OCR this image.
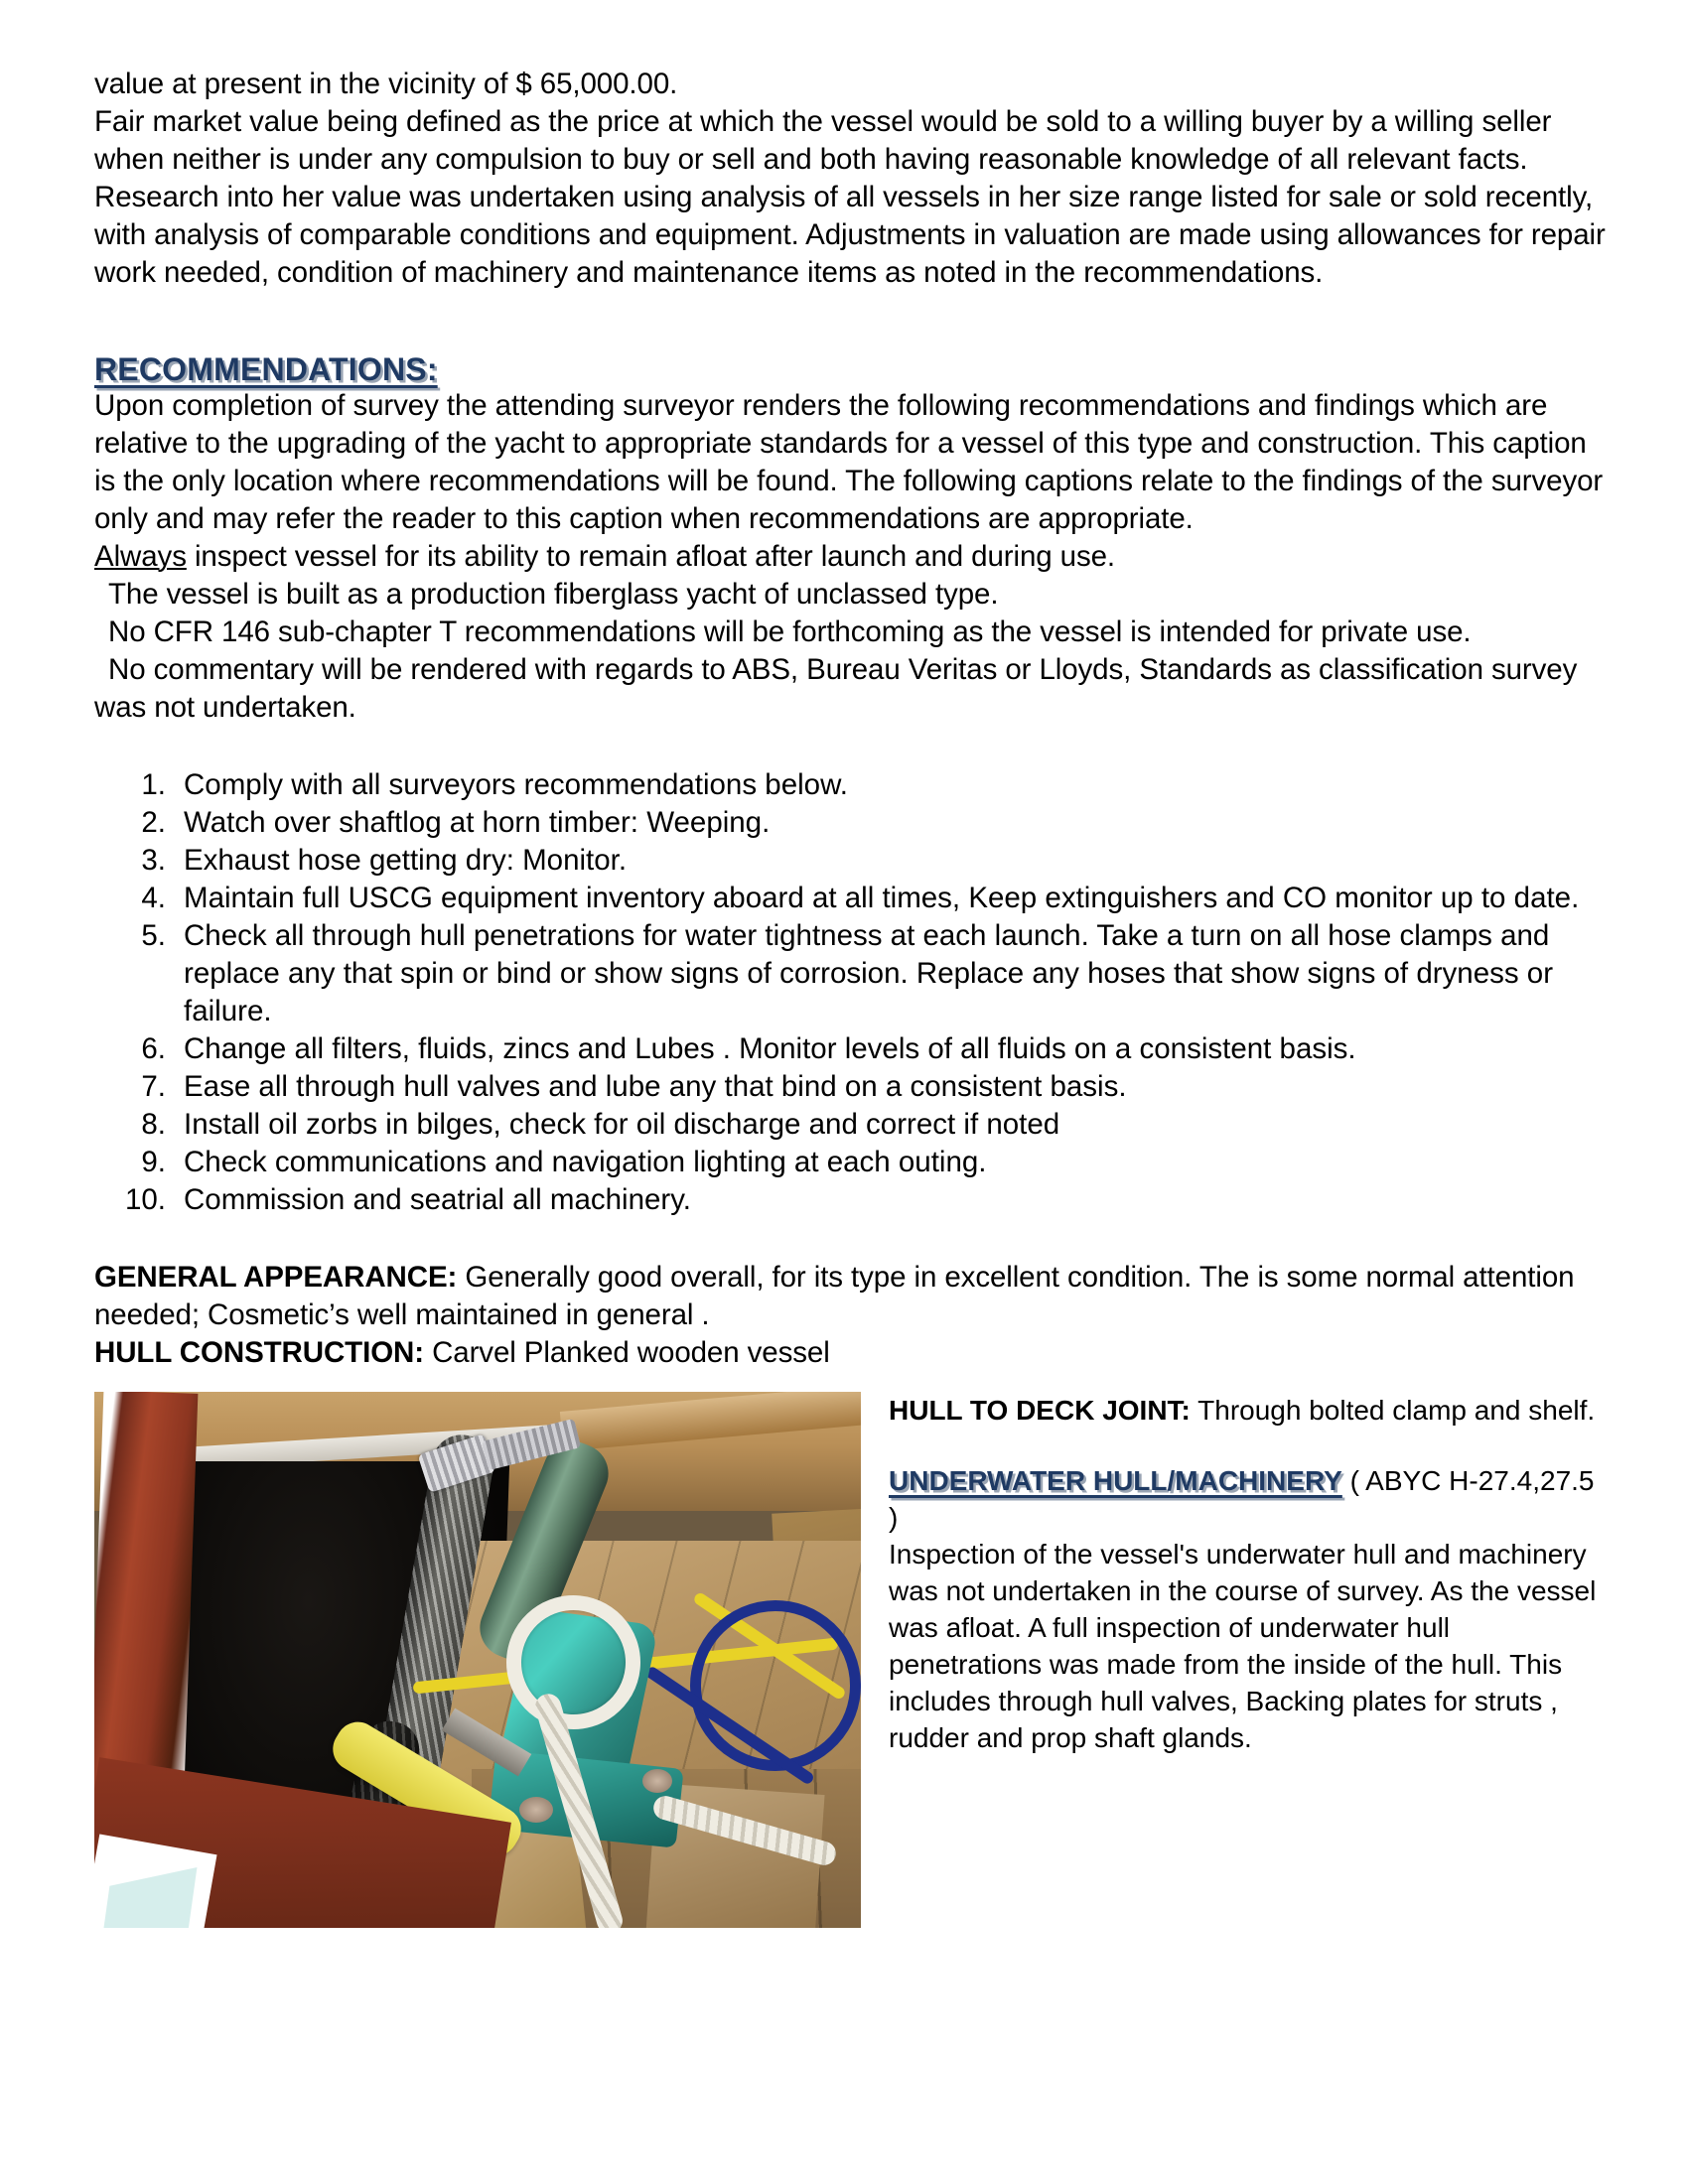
value at present in the vicinity of $ 65,000.00.

Fair market value being defined as the price at which the vessel would be sold to a willing buyer by a willing seller when neither is under any compulsion to buy or sell and both having reasonable knowledge of all relevant facts.

Research into her value was undertaken using analysis of all vessels in her size range listed for sale or sold recently, with analysis of comparable conditions and equipment. Adjustments in valuation are made using allowances for repair work needed, condition of machinery and maintenance items as noted in the recommendations.

RECOMMENDATIONS:

Upon completion of survey the attending surveyor renders the following recommendations and findings which are relative to the upgrading of the yacht to appropriate standards for a vessel of this type and construction. This caption is the only location where recommendations will be found. The following captions relate to the findings of the surveyor only and may refer the reader to this caption when recommendations are appropriate.

Always inspect vessel for its ability to remain afloat after launch and during use.

The vessel is built as a production fiberglass yacht of unclassed type.

No CFR 146 sub-chapter T recommendations will be forthcoming as the vessel is intended for private use.

No commentary will be rendered with regards to ABS, Bureau Veritas or Lloyds, Standards as classification survey was not undertaken.

1. Comply with all surveyors recommendations below.
2. Watch over shaftlog at horn timber: Weeping.
3. Exhaust hose getting dry: Monitor.
4. Maintain full USCG equipment inventory aboard at all times, Keep extinguishers and CO monitor up to date.
5. Check all through hull penetrations for water tightness at each launch. Take a turn on all hose clamps and replace any that spin or bind or show signs of corrosion. Replace any hoses that show signs of dryness or failure.
6. Change all filters, fluids, zincs and Lubes . Monitor levels of all fluids on a consistent basis.
7. Ease all through hull valves and lube any that bind on a consistent basis.
8. Install oil zorbs in bilges, check for oil discharge and correct if noted
9. Check communications and navigation lighting at each outing.
10. Commission and seatrial all machinery.

GENERAL APPEARANCE: Generally good overall, for its type in excellent condition. The is some normal attention needed; Cosmetic’s well maintained in general .

HULL CONSTRUCTION: Carvel Planked wooden vessel

HULL TO DECK JOINT: Through bolted clamp and shelf.

UNDERWATER HULL/MACHINERY ( ABYC H-27.4,27.5 )

Inspection of the vessel's underwater hull and machinery was not undertaken in the course of survey. As the vessel was afloat. A full inspection of underwater hull penetrations was made from the inside of the hull. This includes through hull valves, Backing plates for struts , rudder and prop shaft glands.
